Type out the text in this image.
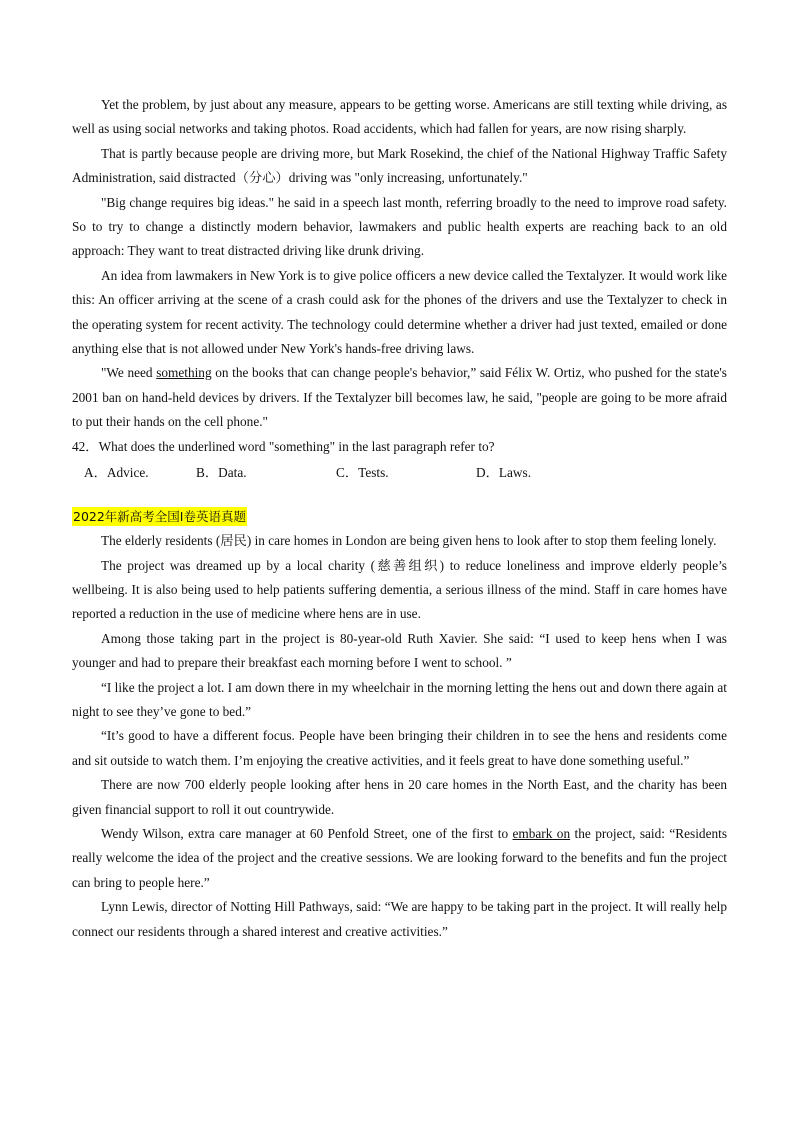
Yet the problem, by just about any measure, appears to be getting worse. Americans are still texting while driving, as well as using social networks and taking photos. Road accidents, which had fallen for years, are now rising sharply.

That is partly because people are driving more, but Mark Rosekind, the chief of the National Highway Traffic Safety Administration, said distracted（分心）driving was "only increasing, unfortunately."

"Big change requires big ideas." he said in a speech last month, referring broadly to the need to improve road safety. So to try to change a distinctly modern behavior, lawmakers and public health experts are reaching back to an old approach: They want to treat distracted driving like drunk driving.

An idea from lawmakers in New York is to give police officers a new device called the Textalyzer. It would work like this: An officer arriving at the scene of a crash could ask for the phones of the drivers and use the Textalyzer to check in the operating system for recent activity. The technology could determine whether a driver had just texted, emailed or done anything else that is not allowed under New York's hands-free driving laws.

"We need something on the books that can change people's behavior,” said Félix W. Ortiz, who pushed for the state's 2001 ban on hand-held devices by drivers. If the Textalyzer bill becomes law, he said, "people are going to be more afraid to put their hands on the cell phone."

42．What does the underlined word "something" in the last paragraph refer to?

A．Advice.	B．Data.	C．Tests.	D．Laws.
2022年新高考全国Ⅰ卷英语真题

The elderly residents (居民) in care homes in London are being given hens to look after to stop them feeling lonely.

The project was dreamed up by a local charity (慈善组织) to reduce loneliness and improve elderly people’s wellbeing. It is also being used to help patients suffering dementia, a serious illness of the mind. Staff in care homes have reported a reduction in the use of medicine where hens are in use.

Among those taking part in the project is 80-year-old Ruth Xavier. She said: “I used to keep hens when I was younger and had to prepare their breakfast each morning before I went to school. ”

“I like the project a lot. I am down there in my wheelchair in the morning letting the hens out and down there again at night to see they’ve gone to bed.”

“It’s good to have a different focus. People have been bringing their children in to see the hens and residents come and sit outside to watch them. I’m enjoying the creative activities, and it feels great to have done something useful.”

There are now 700 elderly people looking after hens in 20 care homes in the North East, and the charity has been given financial support to roll it out countrywide.

Wendy Wilson, extra care manager at 60 Penfold Street, one of the first to embark on the project, said: “Residents really welcome the idea of the project and the creative sessions. We are looking forward to the benefits and fun the project can bring to people here.”

Lynn Lewis, director of Notting Hill Pathways, said: “We are happy to be taking part in the project. It will really help connect our residents through a shared interest and creative activities.”
